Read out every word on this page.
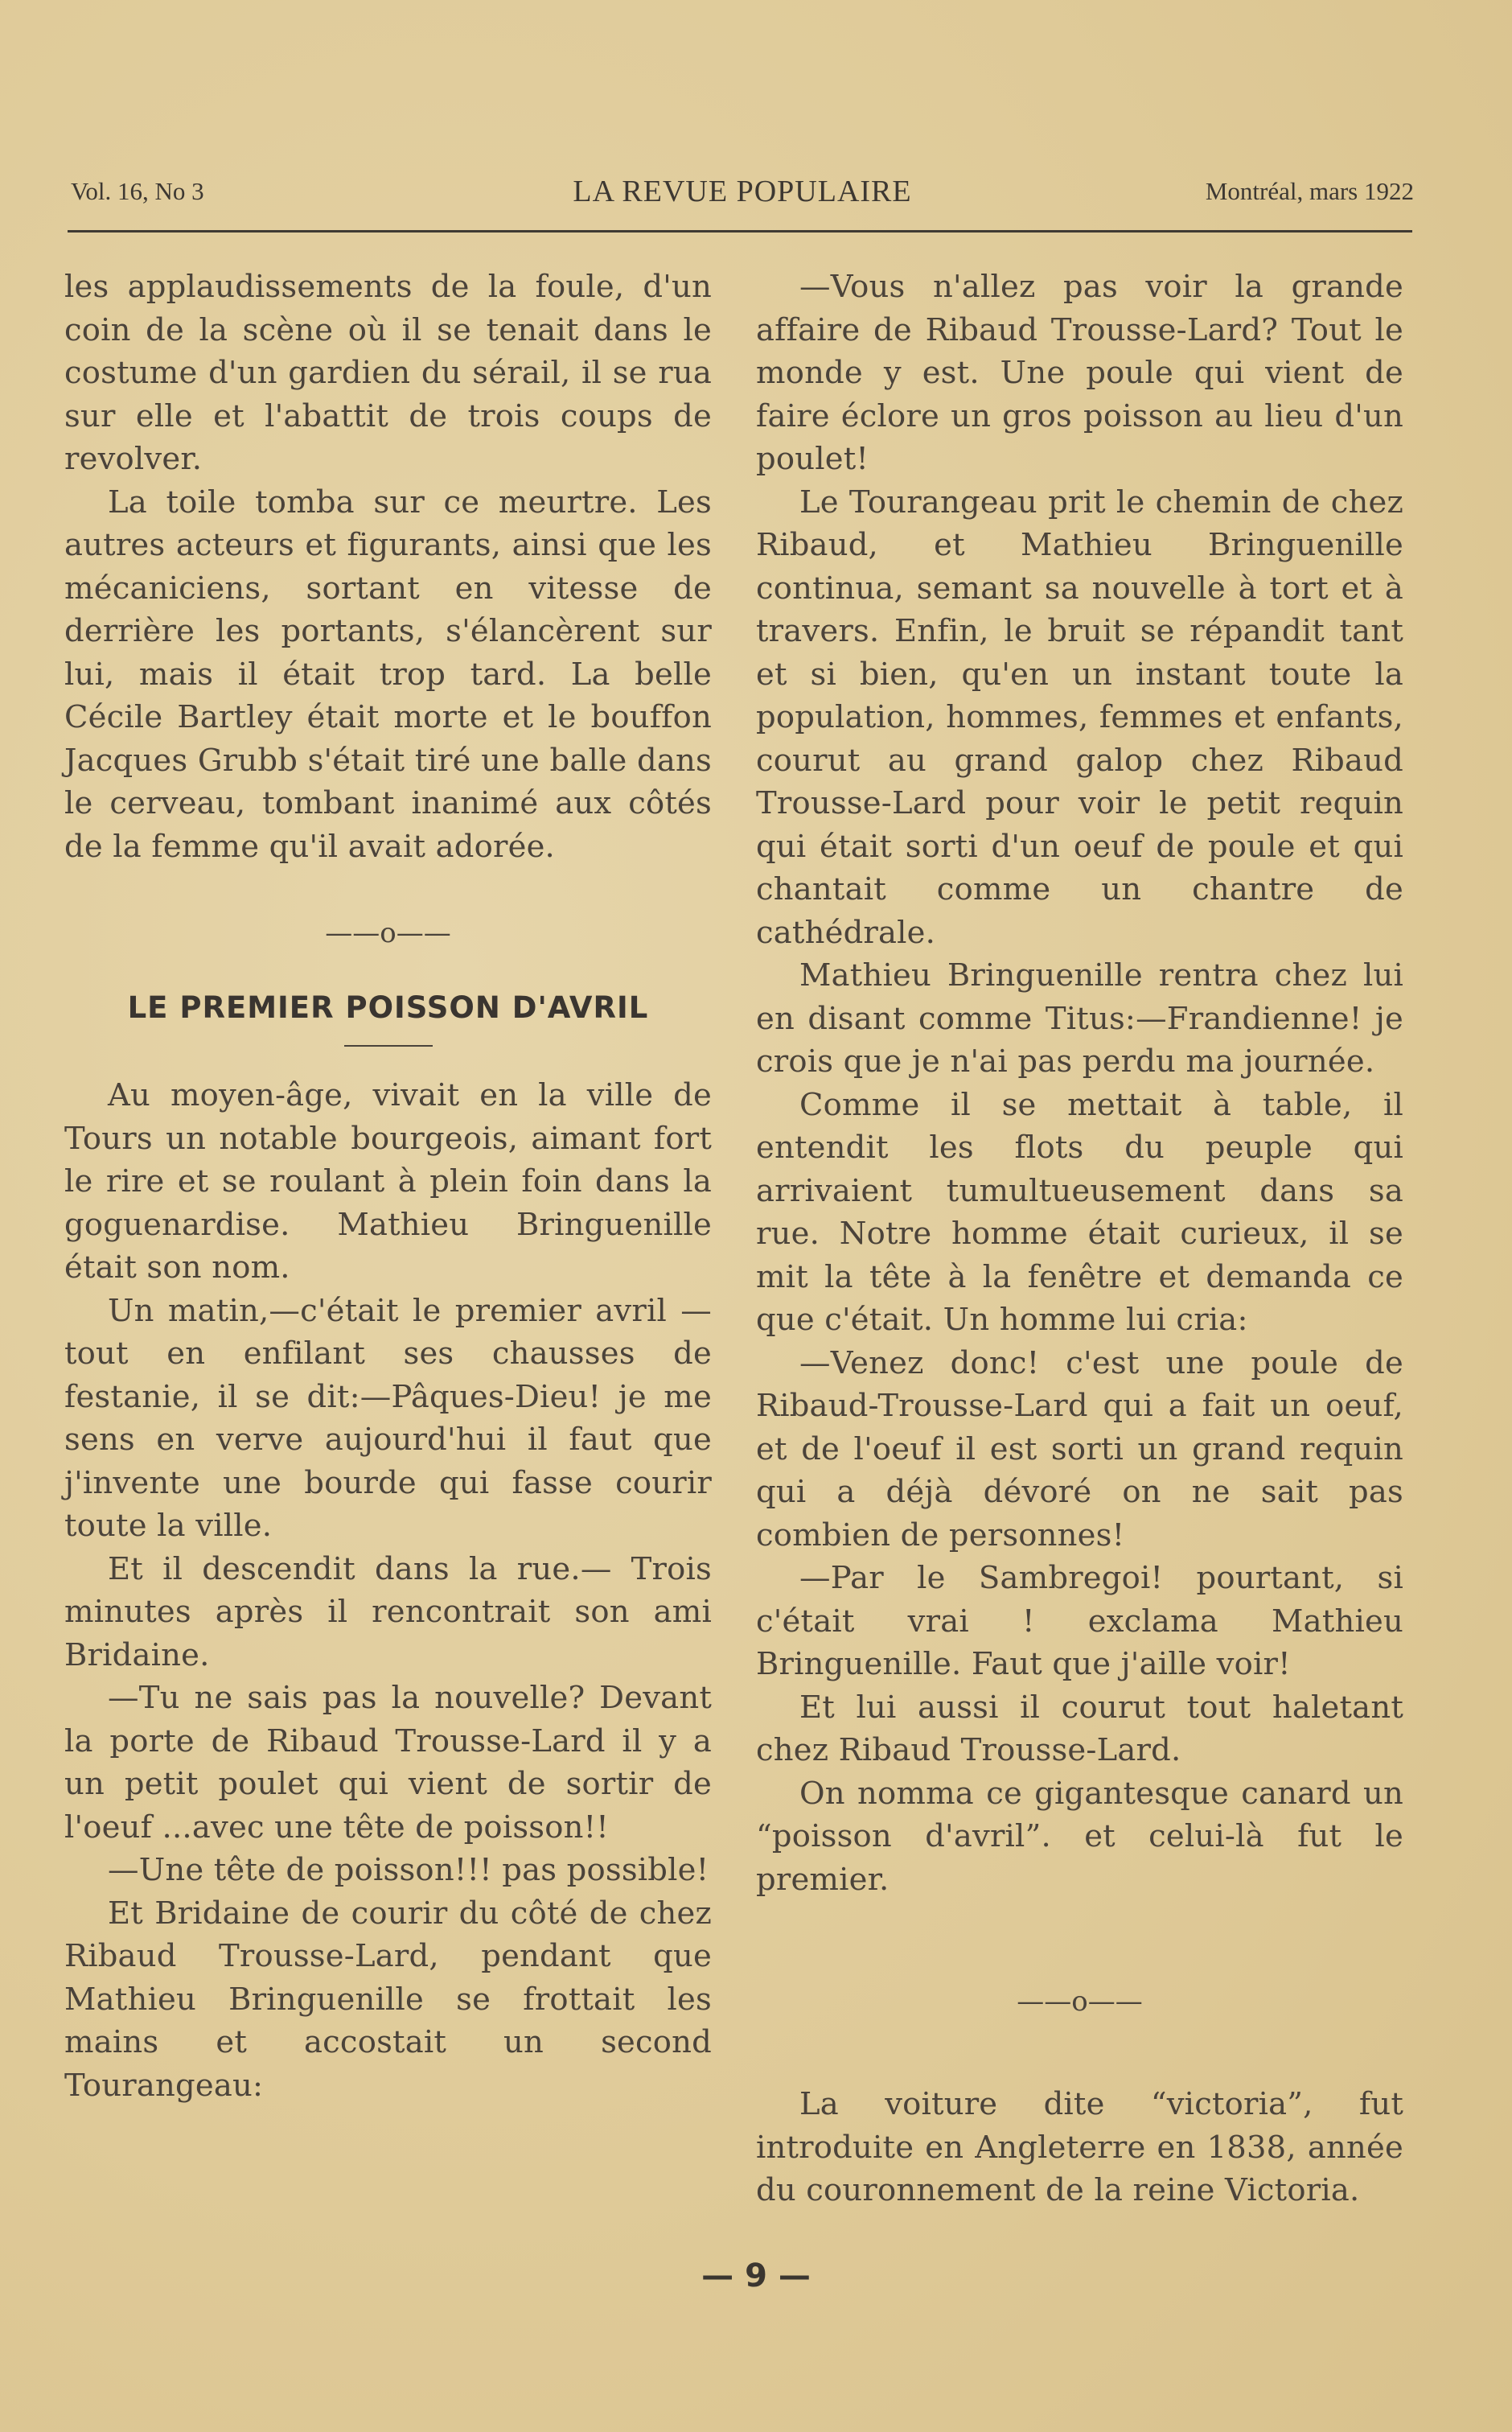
Vol. 16, No 3	LA REVUE POPULAIRE	Montréal, mars 1922

les applaudissements de la foule, d'un coin de la scène où il se tenait dans le costume d'un gardien du sérail, il se rua sur elle et l'abattit de trois coups de revolver.

La toile tomba sur ce meurtre. Les autres acteurs et figurants, ainsi que les mécaniciens, sortant en vitesse de derrière les portants, s'élancèrent sur lui, mais il était trop tard. La belle Cécile Bartley était morte et le bouffon Jacques Grubb s'était tiré une balle dans le cerveau, tombant inanimé aux côtés de la femme qu'il avait adorée.

——o——
LE PREMIER POISSON D'AVRIL

Au moyen-âge, vivait en la ville de Tours un notable bourgeois, aimant fort le rire et se roulant à plein foin dans la goguenardise. Mathieu Bringuenille était son nom.

Un matin,—c'était le premier avril —tout en enfilant ses chausses de festanie, il se dit:—Pâques-Dieu! je me sens en verve aujourd'hui il faut que j'invente une bourde qui fasse courir toute la ville.

Et il descendit dans la rue.— Trois minutes après il rencontrait son ami Bridaine.

—Tu ne sais pas la nouvelle? Devant la porte de Ribaud Trousse-Lard il y a un petit poulet qui vient de sortir de l'oeuf ...avec une tête de poisson!!

—Une tête de poisson!!! pas possible!

Et Bridaine de courir du côté de chez Ribaud Trousse-Lard, pendant que Mathieu Bringuenille se frottait les mains et accostait un second Tourangeau:

—Vous n'allez pas voir la grande affaire de Ribaud Trousse-Lard? Tout le monde y est. Une poule qui vient de faire éclore un gros poisson au lieu d'un poulet!

Le Tourangeau prit le chemin de chez Ribaud, et Mathieu Bringuenille continua, semant sa nouvelle à tort et à travers. Enfin, le bruit se répandit tant et si bien, qu'en un instant toute la population, hommes, femmes et enfants, courut au grand galop chez Ribaud Trousse-Lard pour voir le petit requin qui était sorti d'un oeuf de poule et qui chantait comme un chantre de cathédrale.

Mathieu Bringuenille rentra chez lui en disant comme Titus:—Frandienne! je crois que je n'ai pas perdu ma journée.

Comme il se mettait à table, il entendit les flots du peuple qui arrivaient tumultueusement dans sa rue. Notre homme était curieux, il se mit la tête à la fenêtre et demanda ce que c'était. Un homme lui cria:

—Venez donc! c'est une poule de Ribaud-Trousse-Lard qui a fait un oeuf, et de l'oeuf il est sorti un grand requin qui a déjà dévoré on ne sait pas combien de personnes!

—Par le Sambregoi! pourtant, si c'était vrai ! exclama Mathieu Bringuenille. Faut que j'aille voir!

Et lui aussi il courut tout haletant chez Ribaud Trousse-Lard.

On nomma ce gigantesque canard un “poisson d'avril”. et celui-là fut le premier.

——o——

La voiture dite “victoria”, fut introduite en Angleterre en 1838, année du couronnement de la reine Victoria.

— 9 —
